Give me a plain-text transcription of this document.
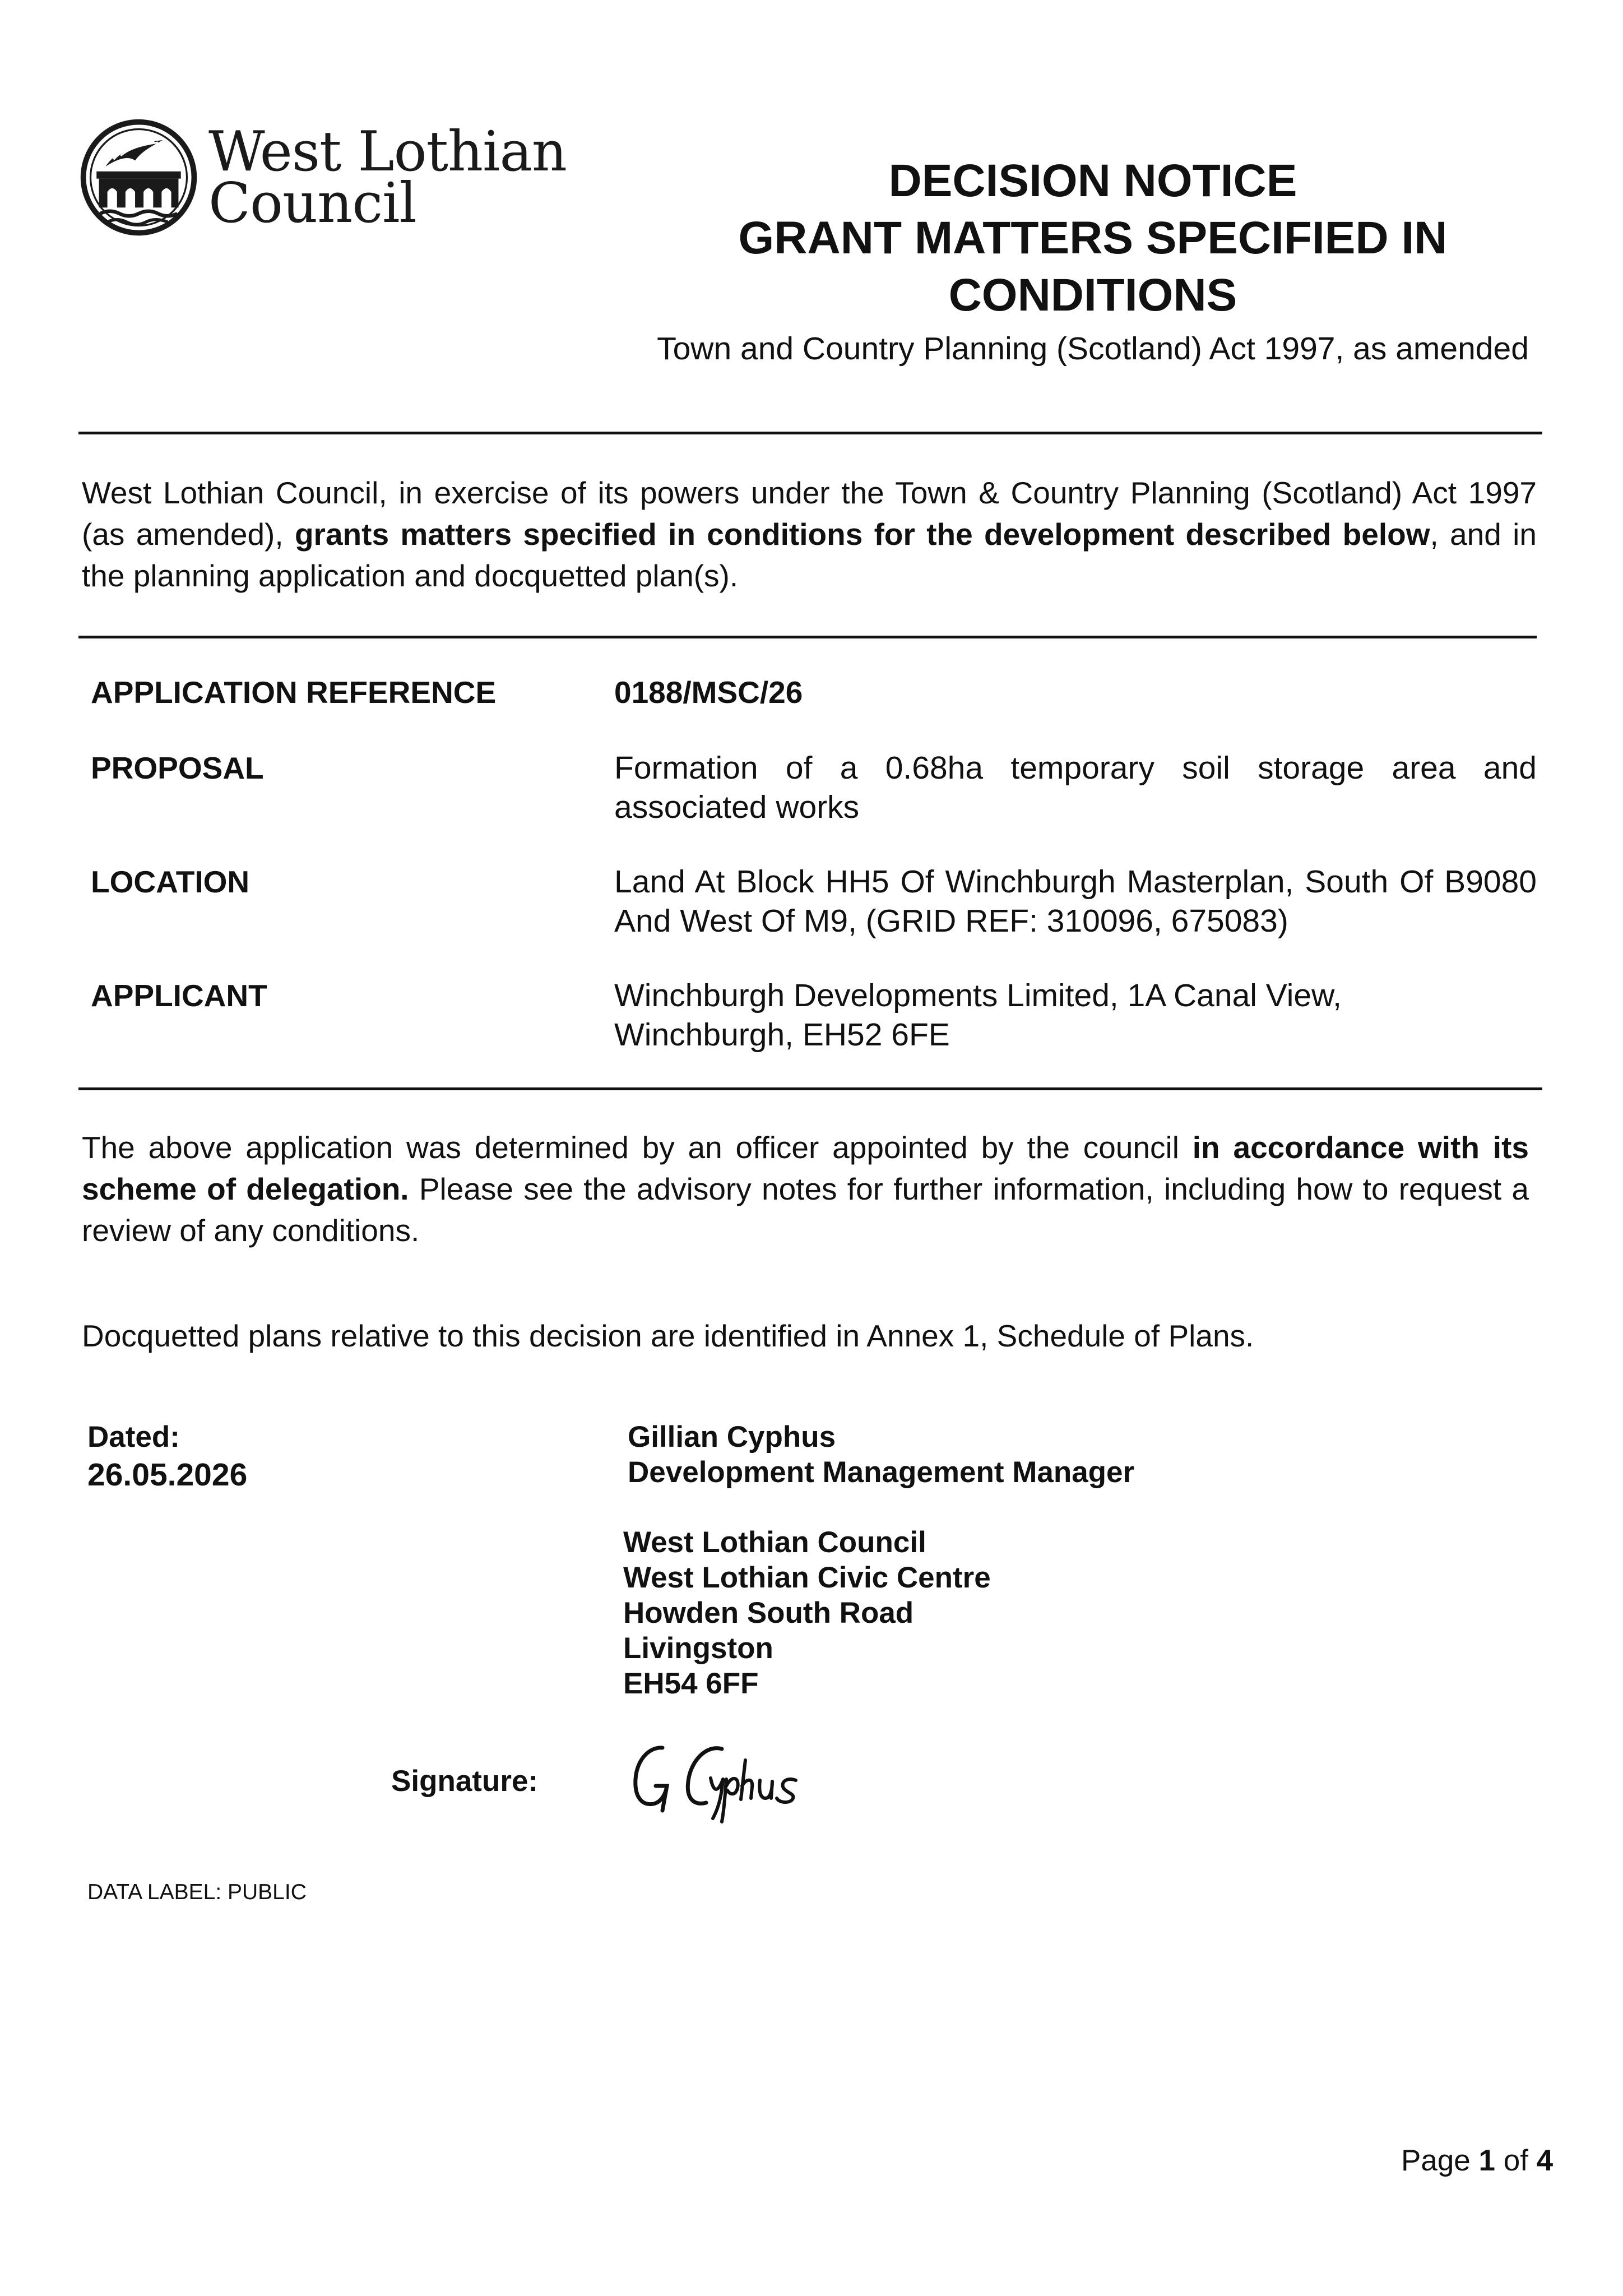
West Lothian
Council	DECISION NOTICE
GRANT MATTERS SPECIFIED IN
CONDITIONS
Town and Country Planning (Scotland) Act 1997, as amended

West Lothian Council, in exercise of its powers under the Town & Country Planning (Scotland) Act 1997 (as amended), grants matters specified in conditions for the development described below, and in the planning application and docquetted plan(s).

APPLICATION REFERENCE	0188/MSC/26
PROPOSAL	Formation of a 0.68ha temporary soil storage area and associated works
LOCATION	Land At Block HH5 Of Winchburgh Masterplan, South Of B9080 And West Of M9, (GRID REF: 310096, 675083)
APPLICANT	Winchburgh Developments Limited, 1A Canal View,
Winchburgh, EH52 6FE

The above application was determined by an officer appointed by the council in accordance with its scheme of delegation. Please see the advisory notes for further information, including how to request a review of any conditions.

Docquetted plans relative to this decision are identified in Annex 1, Schedule of Plans.
Dated:
26.05.2026
Gillian Cyphus
Development Management Manager
West Lothian Council
West Lothian Civic Centre
Howden South Road
Livingston
EH54 6FF
Signature:
DATA LABEL: PUBLIC
Page 1 of 4
